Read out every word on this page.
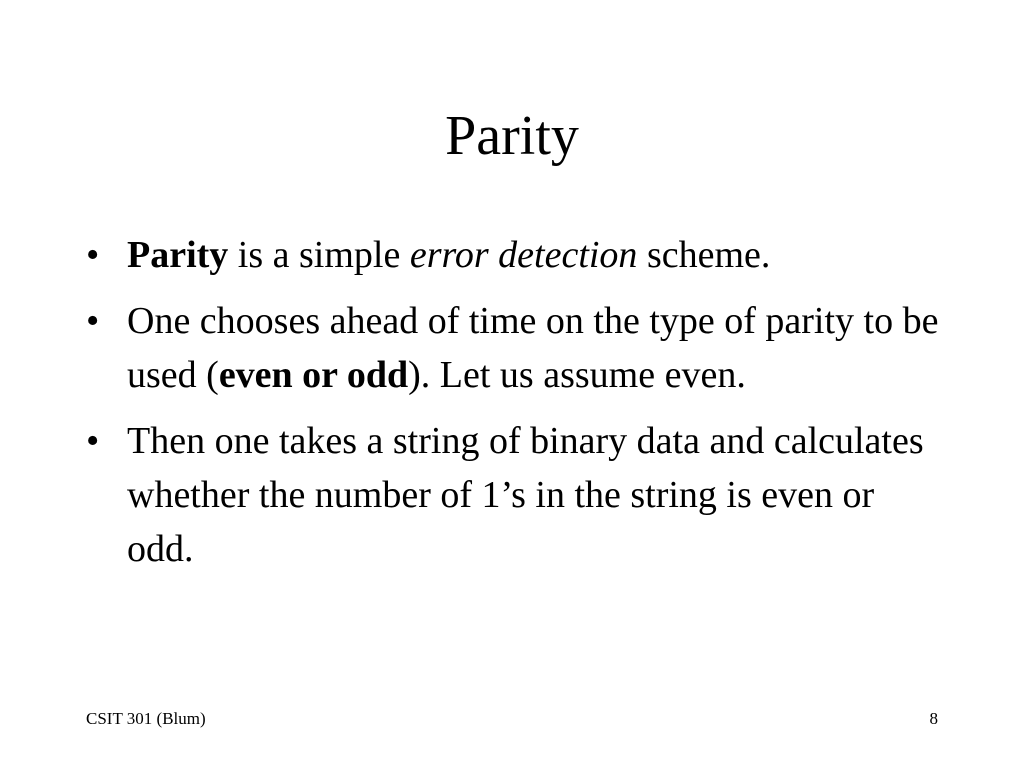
Parity
• Parity is a simple error detection scheme.
• One chooses ahead of time on the type of parity to be used (even or odd). Let us assume even.
• Then one takes a string of binary data and calculates whether the number of 1’s in the string is even or odd.
CSIT 301 (Blum)	8
